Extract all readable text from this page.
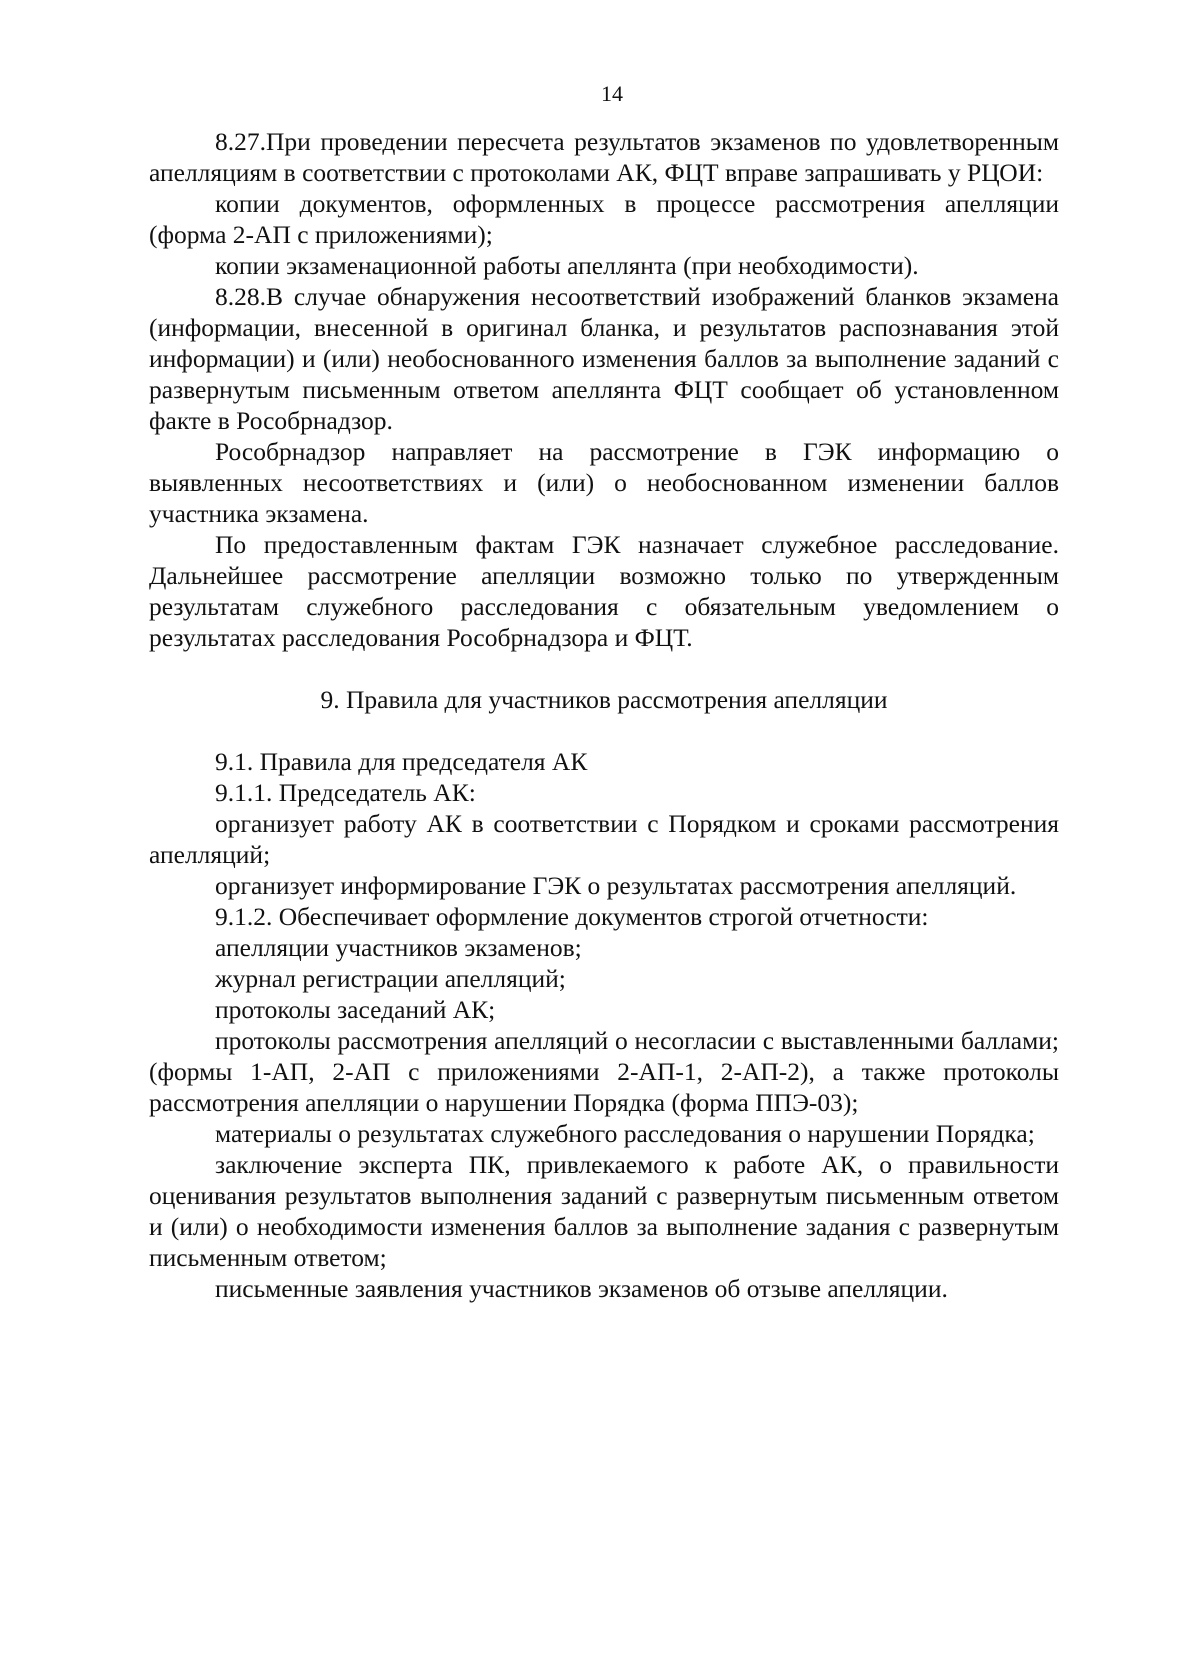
14

8.27.При проведении пересчета результатов экзаменов по удовлетворенным апелляциям в соответствии с протоколами АК, ФЦТ вправе запрашивать у РЦОИ:

копии документов, оформленных в процессе рассмотрения апелляции (форма 2-АП с приложениями);

копии экзаменационной работы апеллянта (при необходимости).

8.28.В случае обнаружения несоответствий изображений бланков экзамена (информации, внесенной в оригинал бланка, и результатов распознавания этой информации) и (или) необоснованного изменения баллов за выполнение заданий с развернутым письменным ответом апеллянта ФЦТ сообщает об установленном факте в Рособрнадзор.

Рособрнадзор направляет на рассмотрение в ГЭК информацию о выявленных несоответствиях и (или) о необоснованном изменении баллов участника экзамена.

По предоставленным фактам ГЭК назначает служебное расследование. Дальнейшее рассмотрение апелляции возможно только по утвержденным результатам служебного расследования с обязательным уведомлением о результатах расследования Рособрнадзора и ФЦТ.

9. Правила для участников рассмотрения апелляции

9.1. Правила для председателя АК

9.1.1. Председатель АК:

организует работу АК в соответствии с Порядком и сроками рассмотрения апелляций;

организует информирование ГЭК о результатах рассмотрения апелляций.

9.1.2. Обеспечивает оформление документов строгой отчетности:

апелляции участников экзаменов;

журнал регистрации апелляций;

протоколы заседаний АК;

протоколы рассмотрения апелляций о несогласии с выставленными баллами; (формы 1-АП, 2-АП с приложениями 2-АП-1, 2-АП-2), а также протоколы рассмотрения апелляции о нарушении Порядка (форма ППЭ-03);

материалы о результатах служебного расследования о нарушении Порядка;

заключение эксперта ПК, привлекаемого к работе АК, о правильности оценивания результатов выполнения заданий с развернутым письменным ответом и (или) о необходимости изменения баллов за выполнение задания с развернутым письменным ответом;

письменные заявления участников экзаменов об отзыве апелляции.
